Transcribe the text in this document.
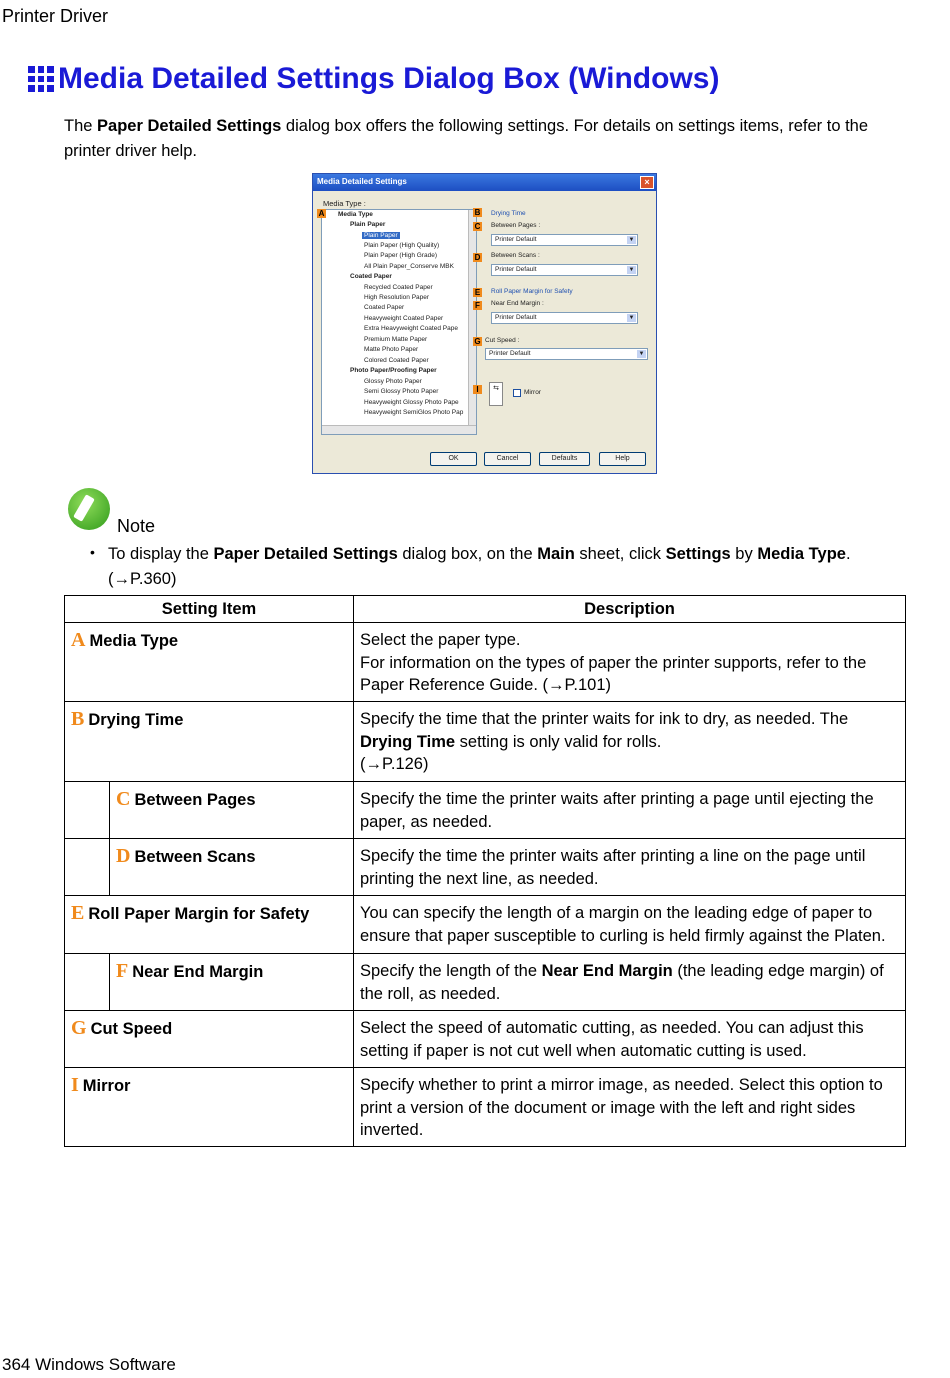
Printer Driver
Media Detailed Settings Dialog Box (Windows)

The Paper Detailed Settings dialog box offers the following settings. For details on settings items, refer to the printer driver help.

Media Detailed Settings	×
Media Type :
Media Type
Plain Paper
Plain Paper
Plain Paper (High Quality)
Plain Paper (High Grade)
All Plain Paper_Conserve MBK
Coated Paper
Recycled Coated Paper
High Resolution Paper
Coated Paper
Heavyweight Coated Paper
Extra Heavyweight Coated Pape
Premium Matte Paper
Matte Photo Paper
Colored Coated Paper
Photo Paper/Proofing Paper
Glossy Photo Paper
Semi Glossy Photo Paper
Heavyweight Glossy Photo Pape
Heavyweight SemiGlos Photo Pap
A	B
C
D
E
F
G
I
Drying Time
Between Pages :
Printer Default	▼
Between Scans :
Printer Default	▼
Roll Paper Margin for Safety
Near End Margin :
Printer Default	▼
Cut Speed :
Printer Default	▼
⇆
Mirror
OK	Cancel	Defaults	Help
Note
• To display the Paper Detailed Settings dialog box, on the Main sheet, click Settings by Media Type. (→P.360)

Setting Item		Description
A Media Type		Select the paper type.
For information on the types of paper the printer supports, refer to the Paper Reference Guide. (→P.101)

B Drying Time		Specify the time that the printer waits for ink to dry, as needed. The Drying Time setting is only valid for rolls.
(→P.126)
	C Between Pages	Specify the time the printer waits after printing a page until ejecting the paper, as needed.
	D Between Scans	Specify the time the printer waits after printing a line on the page until printing the next line, as needed.
E Roll Paper Margin for Safety		You can specify the length of a margin on the leading edge of paper to ensure that paper susceptible to curling is held firmly against the Platen.
	F Near End Margin	Specify the length of the Near End Margin (the leading edge margin) of the roll, as needed.
G Cut Speed		Select the speed of automatic cutting, as needed. You can adjust this setting if paper is not cut well when automatic cutting is used.
I Mirror		Specify whether to print a mirror image, as needed. Select this option to print a version of the document or image with the left and right sides inverted.
364 Windows Software
